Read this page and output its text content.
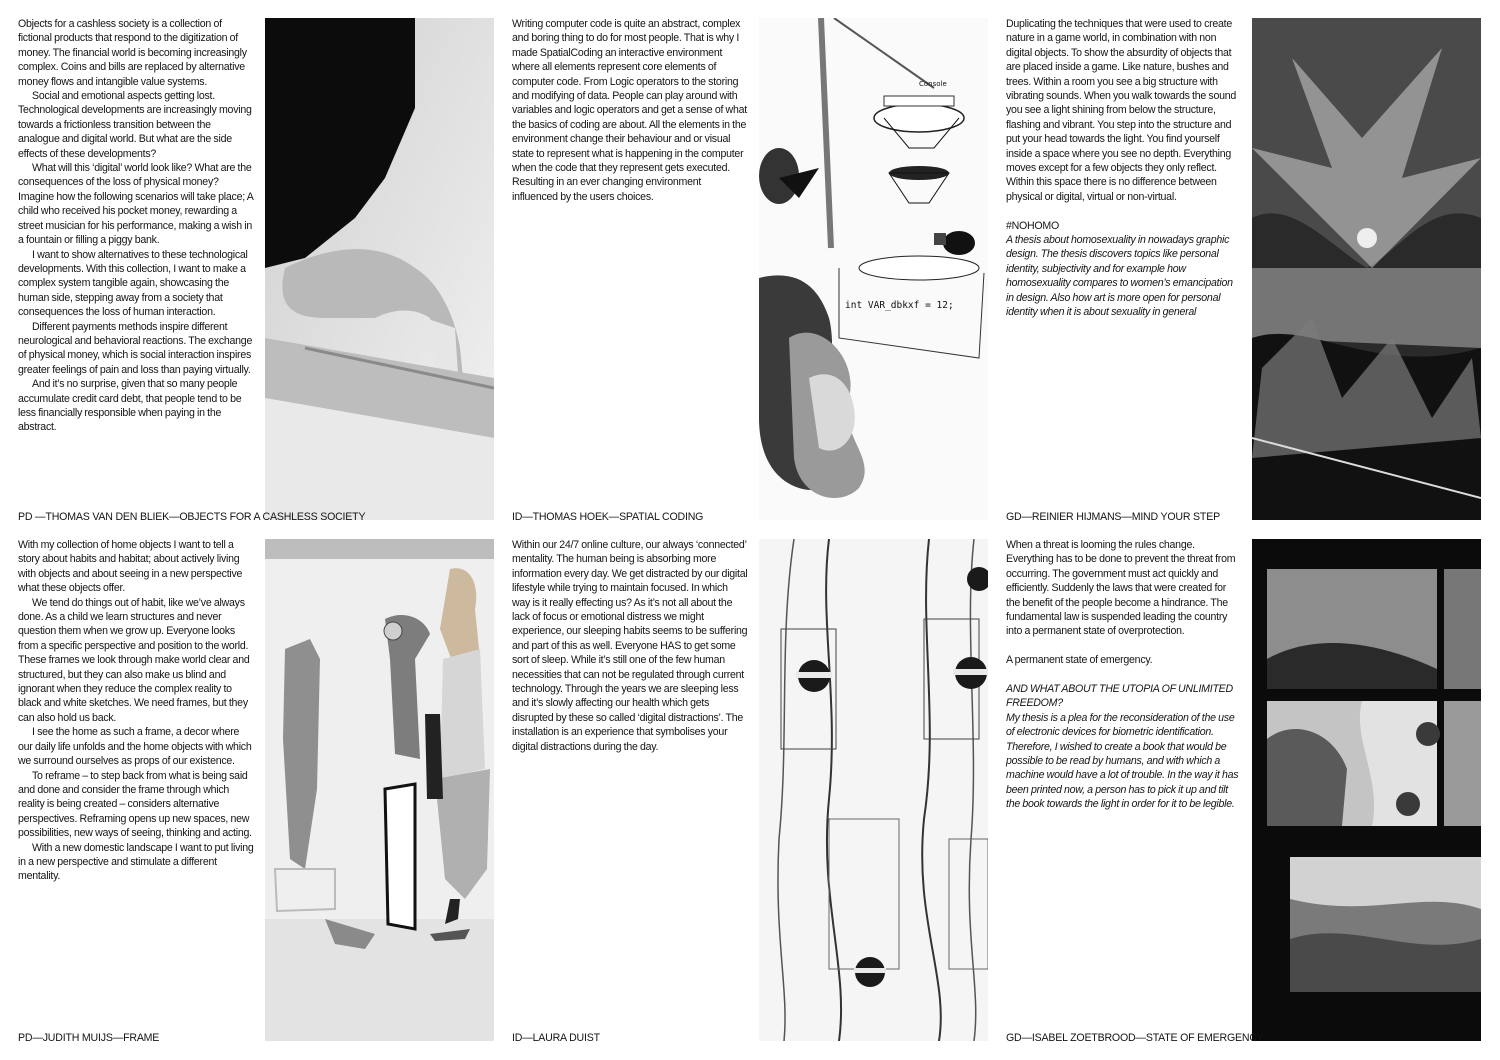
Objects for a cashless society is a collection of fictional products that respond to the digitization of money. The financial world is becoming increasingly complex. Coins and bills are replaced by alternative money flows and intangible value systems.

Social and emotional aspects getting lost. Technological developments are increasingly moving towards a frictionless transition between the analogue and digital world. But what are the side effects of these developments?

What will this ‘digital’ world look like? What are the consequences of the loss of physical money? Imagine how the following scenarios will take place; A child who received his pocket money, rewarding a street musician for his performance, making a wish in a fountain or filling a piggy bank.

I want to show alternatives to these technological developments. With this collection, I want to make a complex system tangible again, showcasing the human side, stepping away from a society that consequences the loss of human interaction.

Different payments methods inspire different neurological and behavioral reactions. The exchange of physical money, which is social interaction inspires greater feelings of pain and loss than paying virtually.

And it’s no surprise, given that so many people accumulate credit card debt, that people tend to be less financially responsible when paying in the abstract.

Writing computer code is quite an abstract, complex and boring thing to do for most people. That is why I made SpatialCoding an interactive environment where all elements represent core elements of computer code. From Logic operators to the storing and modifying of data. People can play around with variables and logic operators and get a sense of what the basics of coding are about. All the elements in the environment change their behaviour and or visual state to represent what is happening in the computer when the code that they represent gets executed. Resulting in an ever changing environment influenced by the users choices.

int VAR_dbkxf = 12;
Console

Duplicating the techniques that were used to create nature in a game world, in combination with non digital objects. To show the absurdity of objects that are placed inside a game. Like nature, bushes and trees. Within a room you see a big structure with vibrating sounds. When you walk towards the sound you see a light shining from below the structure, flashing and vibrant. You step into the structure and put your head towards the light. You find yourself inside a space where you see no depth. Everything moves except for a few objects they only reflect. Within this space there is no difference between physical or digital, virtual or non-virtual.

#NOHOMO

A thesis about homosexuality in nowadays graphic design. The thesis discovers topics like personal identity, subjectivity and for example how homosexuality compares to women’s emancipation in design. Also how art is more open for personal identity when it is about sexuality in general

PD —THOMAS VAN DEN BLIEK—OBJECTS FOR A CASHLESS SOCIETY	ID—THOMAS HOEK—SPATIAL CODING	GD—REINIER HIJMANS—MIND YOUR STEP

With my collection of home objects I want to tell a story about habits and habitat; about actively living with objects and about seeing in a new perspective what these objects offer.

We tend do things out of habit, like we’ve always done. As a child we learn structures and never question them when we grow up. Everyone looks from a specific perspective and position to the world. These frames we look through make world clear and structured, but they can also make us blind and ignorant when they reduce the complex reality to black and white sketches. We need frames, but they can also hold us back.

I see the home as such a frame, a decor where our daily life unfolds and the home objects with which we surround ourselves as props of our existence.

To reframe – to step back from what is being said and done and consider the frame through which reality is being created – considers alternative perspectives. Reframing opens up new spaces, new possibilities, new ways of seeing, thinking and acting.

With a new domestic landscape I want to put living in a new perspective and stimulate a different mentality.

Within our 24/7 online culture, our always ‘connected’ mentality. The human being is absorbing more information every day. We get distracted by our digital lifestyle while trying to maintain focused. In which way is it really effecting us? As it’s not all about the lack of focus or emotional distress we might experience, our sleeping habits seems to be suffering and part of this as well. Everyone HAS to get some sort of sleep. While it’s still one of the few human necessities that can not be regulated through current technology. Through the years we are sleeping less and it’s slowly affecting our health which gets disrupted by these so called ‘digital distractions’. The installation is an experience that symbolises your digital distractions during the day.

When a threat is looming the rules change. Everything has to be done to prevent the threat from occurring. The government must act quickly and efficiently. Suddenly the laws that were created for the benefit of the people become a hindrance. The fundamental law is suspended leading the country into a permanent state of overprotection.

A permanent state of emergency.

AND WHAT ABOUT THE UTOPIA OF UNLIMITED FREEDOM?

My thesis is a plea for the reconsideration of the use of electronic devices for biometric identification. Therefore, I wished to create a book that would be possible to be read by humans, and with which a machine would have a lot of trouble. In the way it has been printed now, a person has to pick it up and tilt the book towards the light in order for it to be legible.

PD—JUDITH MUIJS—FRAME	ID—LAURA DUIST	GD—ISABEL ZOETBROOD—STATE OF EMERGENCY
